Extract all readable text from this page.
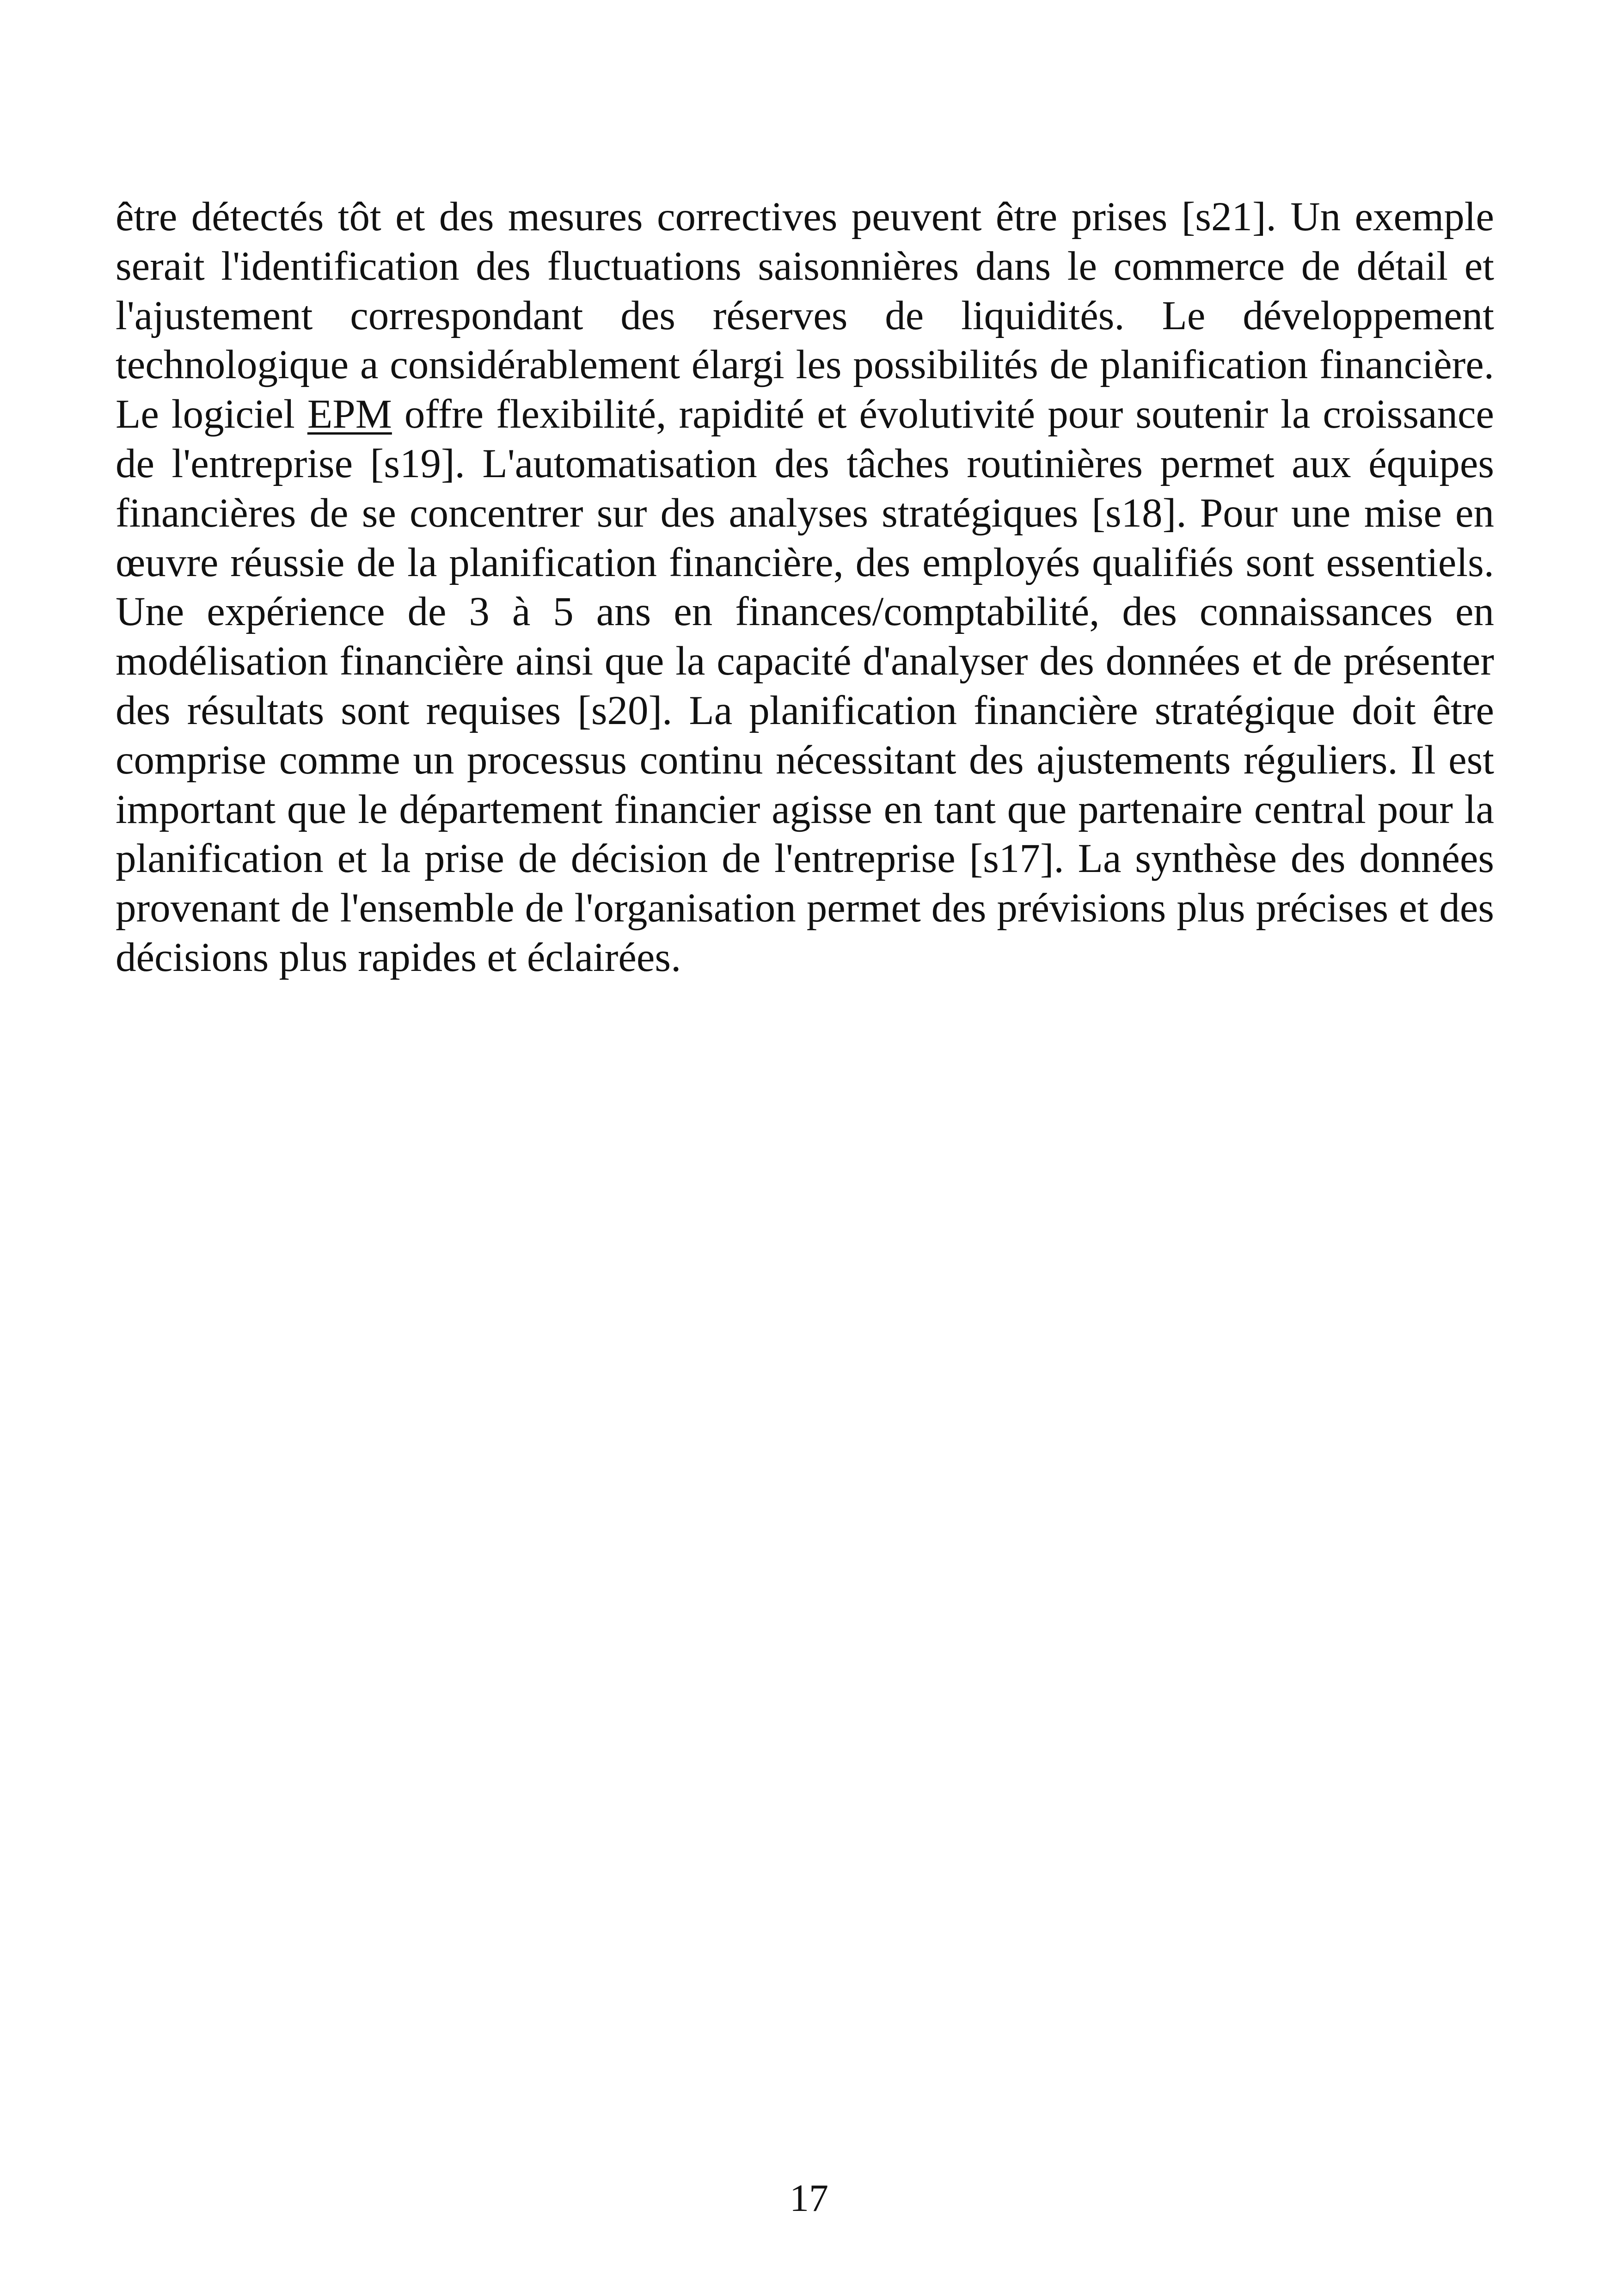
être détectés tôt et des mesures correctives peuvent être prises [s21]. Un exemple serait l'identification des fluctuations saisonnières dans le commerce de détail et l'ajustement correspondant des réserves de liquidités. Le développement technologique a considérablement élargi les possibilités de planification financière. Le logiciel EPM offre flexibilité, rapidité et évolutivité pour soutenir la croissance de l'entreprise [s19]. L'automatisation des tâches routinières permet aux équipes financières de se concentrer sur des analyses stratégiques [s18]. Pour une mise en œuvre réussie de la planification financière, des employés qualifiés sont essentiels. Une expérience de 3 à 5 ans en finances/comptabilité, des connaissances en modélisation financière ainsi que la capacité d'analyser des données et de présenter des résultats sont requises [s20]. La planification financière stratégique doit être comprise comme un processus continu nécessitant des ajustements réguliers. Il est important que le département financier agisse en tant que partenaire central pour la planification et la prise de décision de l'entreprise [s17]. La synthèse des données provenant de l'ensemble de l'organisation permet des prévisions plus précises et des décisions plus rapides et éclairées.

17
